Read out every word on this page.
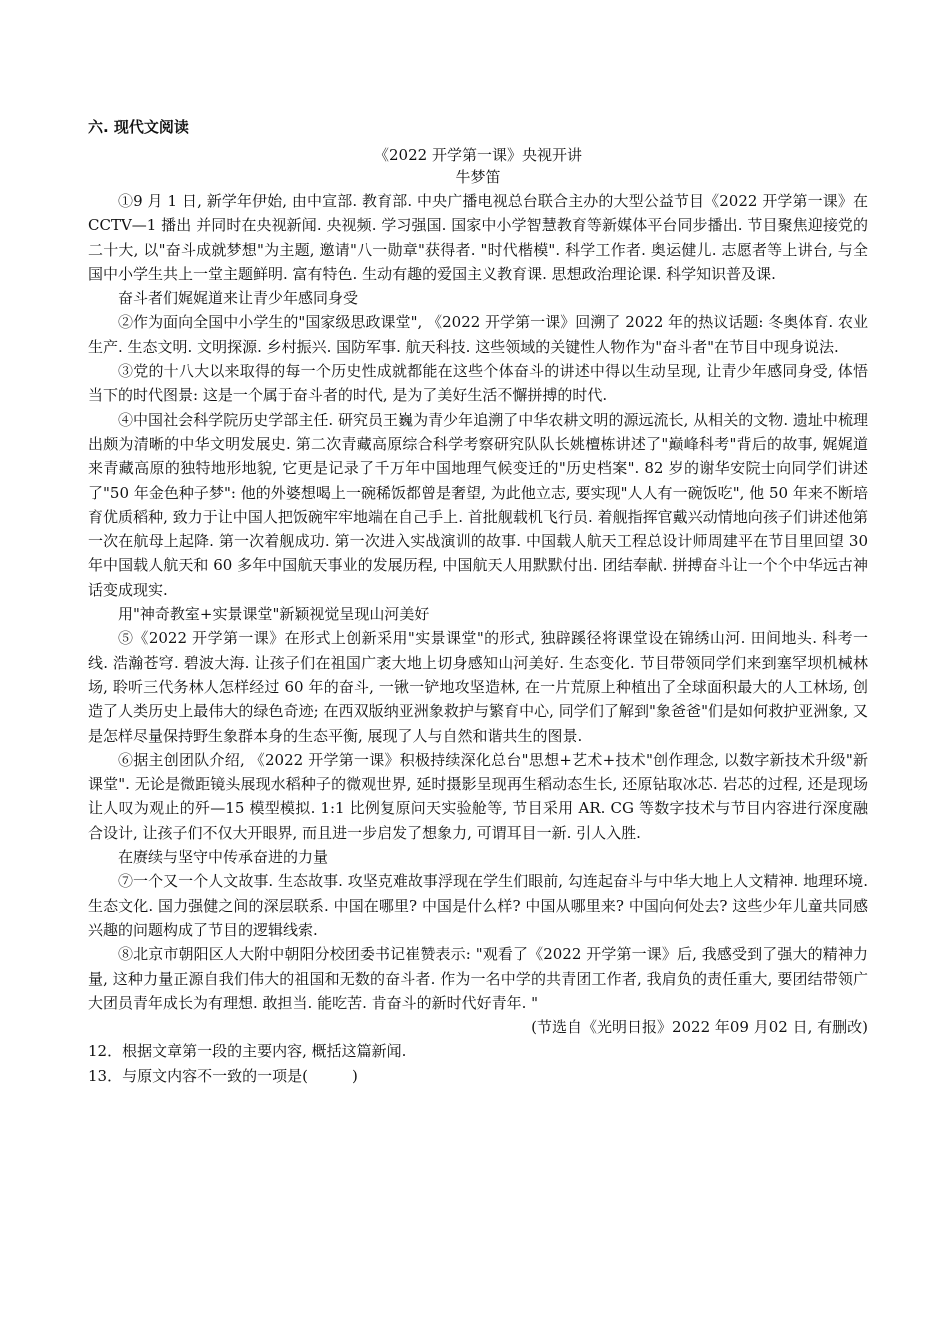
六. 现代文阅读

《2022 开学第一课》央视开讲

牛梦笛

①9 月 1 日, 新学年伊始, 由中宣部. 教育部. 中央广播电视总台联合主办的大型公益节目《2022 开学第一课》在 CCTV—1 播出 并同时在央视新闻. 央视频. 学习强国. 国家中小学智慧教育等新媒体平台同步播出. 节目聚焦迎接党的二十大, 以"奋斗成就梦想"为主题, 邀请"八一勋章"获得者. "时代楷模". 科学工作者. 奥运健儿. 志愿者等上讲台, 与全国中小学生共上一堂主题鲜明. 富有特色. 生动有趣的爱国主义教育课. 思想政治理论课. 科学知识普及课.

奋斗者们娓娓道来让青少年感同身受

②作为面向全国中小学生的"国家级思政课堂", 《2022 开学第一课》回溯了 2022 年的热议话题: 冬奥体育. 农业生产. 生态文明. 文明探源. 乡村振兴. 国防军事. 航天科技. 这些领域的关键性人物作为"奋斗者"在节目中现身说法.

③党的十八大以来取得的每一个历史性成就都能在这些个体奋斗的讲述中得以生动呈现, 让青少年感同身受, 体悟当下的时代图景: 这是一个属于奋斗者的时代, 是为了美好生活不懈拼搏的时代.

④中国社会科学院历史学部主任. 研究员王巍为青少年追溯了中华农耕文明的源远流长, 从相关的文物. 遗址中梳理出颇为清晰的中华文明发展史. 第二次青藏高原综合科学考察研究队队长姚檀栋讲述了"巅峰科考"背后的故事, 娓娓道来青藏高原的独特地形地貌, 它更是记录了千万年中国地理气候变迁的"历史档案". 82 岁的谢华安院士向同学们讲述了"50 年金色种子梦": 他的外婆想喝上一碗稀饭都曾是奢望, 为此他立志, 要实现"人人有一碗饭吃", 他 50 年来不断培育优质稻种, 致力于让中国人把饭碗牢牢地端在自己手上. 首批舰载机飞行员. 着舰指挥官戴兴动情地向孩子们讲述他第一次在航母上起降. 第一次着舰成功. 第一次进入实战演训的故事. 中国载人航天工程总设计师周建平在节目里回望 30 年中国载人航天和 60 多年中国航天事业的发展历程, 中国航天人用默默付出. 团结奉献. 拼搏奋斗让一个个中华远古神话变成现实.

用"神奇教室+实景课堂"新颖视觉呈现山河美好

⑤《2022 开学第一课》在形式上创新采用"实景课堂"的形式, 独辟蹊径将课堂设在锦绣山河. 田间地头. 科考一线. 浩瀚苍穹. 碧波大海. 让孩子们在祖国广袤大地上切身感知山河美好. 生态变化. 节目带领同学们来到塞罕坝机械林场, 聆听三代务林人怎样经过 60 年的奋斗, 一锹一铲地攻坚造林, 在一片荒原上种植出了全球面积最大的人工林场, 创造了人类历史上最伟大的绿色奇迹; 在西双版纳亚洲象救护与繁育中心, 同学们了解到"象爸爸"们是如何救护亚洲象, 又是怎样尽量保持野生象群本身的生态平衡, 展现了人与自然和谐共生的图景.

⑥据主创团队介绍, 《2022 开学第一课》积极持续深化总台"思想+艺术+技术"创作理念, 以数字新技术升级"新课堂". 无论是微距镜头展现水稻种子的微观世界, 延时摄影呈现再生稻动态生长, 还原钻取冰芯. 岩芯的过程, 还是现场让人叹为观止的歼—15 模型模拟. 1:1 比例复原问天实验舱等, 节目采用 AR. CG 等数字技术与节目内容进行深度融合设计, 让孩子们不仅大开眼界, 而且进一步启发了想象力, 可谓耳目一新. 引人入胜.

在赓续与坚守中传承奋进的力量

⑦一个又一个人文故事. 生态故事. 攻坚克难故事浮现在学生们眼前, 勾连起奋斗与中华大地上人文精神. 地理环境. 生态文化. 国力强健之间的深层联系. 中国在哪里? 中国是什么样? 中国从哪里来? 中国向何处去? 这些少年儿童共同感兴趣的问题构成了节目的逻辑线索.

⑧北京市朝阳区人大附中朝阳分校团委书记崔赞表示: "观看了《2022 开学第一课》后, 我感受到了强大的精神力量, 这种力量正源自我们伟大的祖国和无数的奋斗者. 作为一名中学的共青团工作者, 我肩负的责任重大, 要团结带领广大团员青年成长为有理想. 敢担当. 能吃苦. 肯奋斗的新时代好青年. "

(节选自《光明日报》2022 年09 月02 日, 有删改)

12．根据文章第一段的主要内容, 概括这篇新闻.

13．与原文内容不一致的一项是(	)
